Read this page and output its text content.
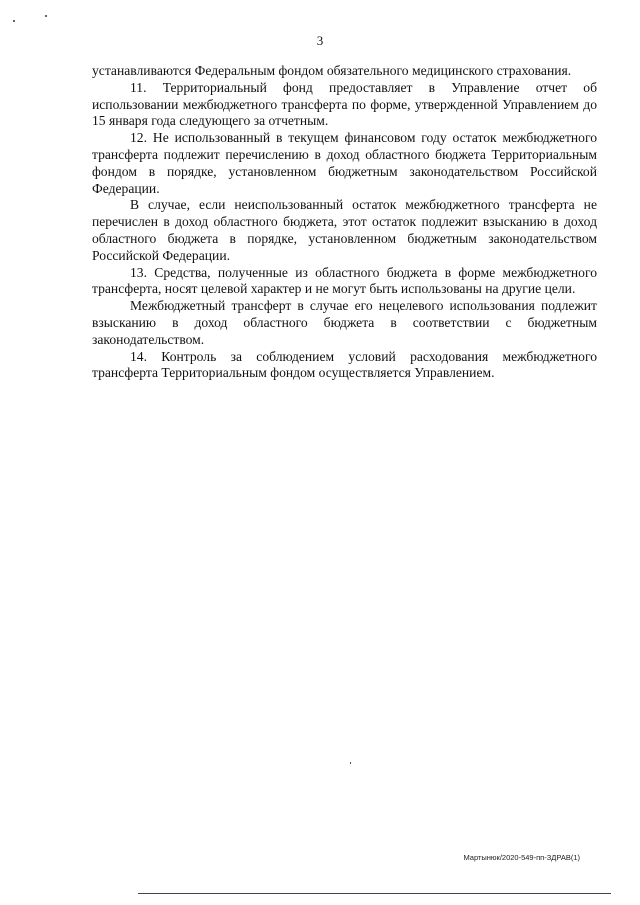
3

устанавливаются Федеральным фондом обязательного медицинского страхования.

11. Территориальный фонд предоставляет в Управление отчет об использовании межбюджетного трансферта по форме, утвержденной Управлением до 15 января года следующего за отчетным.

12. Не использованный в текущем финансовом году остаток межбюджетного трансферта подлежит перечислению в доход областного бюджета Территориальным фондом в порядке, установленном бюджетным законодательством Российской Федерации.

В случае, если неиспользованный остаток межбюджетного трансферта не перечислен в доход областного бюджета, этот остаток подлежит взысканию в доход областного бюджета в порядке, установленном бюджетным законодательством Российской Федерации.

13. Средства, полученные из областного бюджета в форме межбюджетного трансферта, носят целевой характер и не могут быть использованы на другие цели.

Межбюджетный трансферт в случае его нецелевого использования подлежит взысканию в доход областного бюджета в соответствии с бюджетным законодательством.

14. Контроль за соблюдением условий расходования межбюджетного трансферта Территориальным фондом осуществляется Управлением.

Мартынюк/2020-549-пп-ЗДРАВ(1)
